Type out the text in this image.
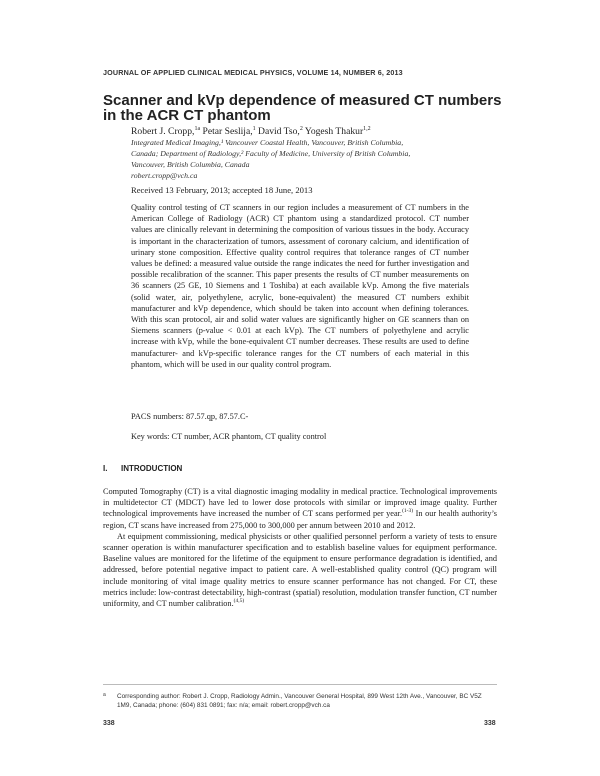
JOURNAL OF APPLIED CLINICAL MEDICAL PHYSICS, VOLUME 14, NUMBER 6, 2013
Scanner and kVp dependence of measured CT numbers in the ACR CT phantom
Robert J. Cropp,$^{1a}$ Petar Seslija,$^1$ David Tso,$^2$ Yogesh Thakur$^{1,2}$
Integrated Medical Imaging,¹ Vancouver Coastal Health, Vancouver, British Columbia,
Canada; Department of Radiology,² Faculty of Medicine, University of British Columbia,
Vancouver, British Columbia, Canada
robert.cropp@vch.ca
Received 13 February, 2013; accepted 18 June, 2013
Quality control testing of CT scanners in our region includes a measurement of CT numbers in the American College of Radiology (ACR) CT phantom using a standardized protocol. CT number values are clinically relevant in determining the composition of various tissues in the body. Accuracy is important in the characterization of tumors, assessment of coronary calcium, and identification of urinary stone composition. Effective quality control requires that tolerance ranges of CT number values be defined: a measured value outside the range indicates the need for further investigation and possible recalibration of the scanner. This paper presents the results of CT number measurements on 36 scanners (25 GE, 10 Siemens and 1 Toshiba) at each available kVp. Among the five materials (solid water, air, polyethylene, acrylic, bone-equivalent) the measured CT numbers exhibit manufacturer and kVp dependence, which should be taken into account when defining tolerances. With this scan protocol, air and solid water values are significantly higher on GE scanners than on Siemens scanners (p-value < 0.01 at each kVp). The CT numbers of polyethylene and acrylic increase with kVp, while the bone-equivalent CT number decreases. These results are used to define manufacturer- and kVp-specific tolerance ranges for the CT numbers of each material in this phantom, which will be used in our quality control program.
PACS numbers: 87.57.qp, 87.57.C-
Key words: CT number, ACR phantom, CT quality control
I. INTRODUCTION

Computed Tomography (CT) is a vital diagnostic imaging modality in medical practice. Technological improvements in multidetector CT (MDCT) have led to lower dose protocols with similar or improved image quality. Further technological improvements have increased the number of CT scans performed per year.$^{(1-3)}$ In our health authority’s region, CT scans have increased from 275,000 to 300,000 per annum between 2010 and 2012.

At equipment commissioning, medical physicists or other qualified personnel perform a variety of tests to ensure scanner operation is within manufacturer specification and to establish baseline values for equipment performance. Baseline values are monitored for the lifetime of the equipment to ensure performance degradation is identified, and addressed, before potential negative impact to patient care. A well-established quality control (QC) program will include monitoring of vital image quality metrics to ensure scanner performance has not changed. For CT, these metrics include: low-contrast detectability, high-contrast (spatial) resolution, modulation transfer function, CT number uniformity, and CT number calibration.$^{(4,5)}$

a	Corresponding author: Robert J. Cropp, Radiology Admin., Vancouver General Hospital, 899 West 12th Ave., Vancouver, BC V5Z 1M9, Canada; phone: (604) 831 0891; fax: n/a; email: robert.cropp@vch.ca
338	338
